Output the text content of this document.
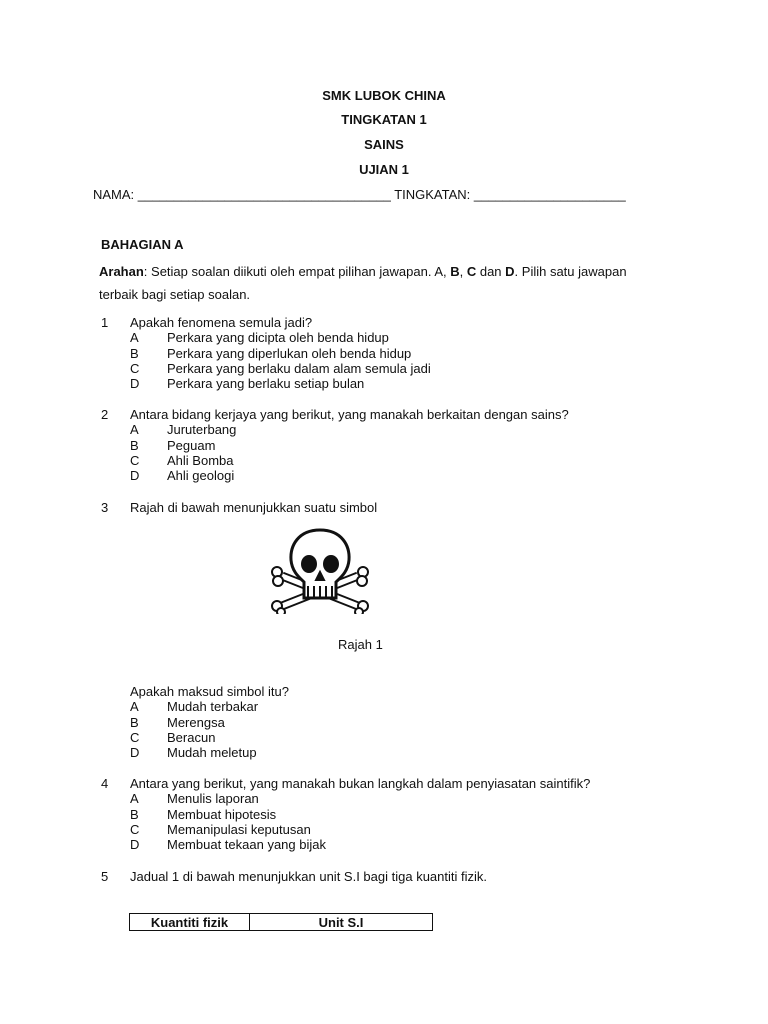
SMK LUBOK CHINA
TINGKATAN 1
SAINS
UJIAN 1
NAMA: ___________________________________ TINGKATAN: _____________________
BAHAGIAN A
Arahan: Setiap soalan diikuti oleh empat pilihan jawapan. A, B, C dan D. Pilih satu jawapan terbaik bagi setiap soalan.
1 Apakah fenomena semula jadi?
A Perkara yang dicipta oleh benda hidup
B Perkara yang diperlukan oleh benda hidup
C Perkara yang berlaku dalam alam semula jadi
D Perkara yang berlaku setiap bulan
2 Antara bidang kerjaya yang berikut, yang manakah berkaitan dengan sains?
A Juruterbang
B Peguam
C Ahli Bomba
D Ahli geologi
3 Rajah di bawah menunjukkan suatu simbol
Rajah 1
Apakah maksud simbol itu?
A Mudah terbakar
B Merengsa
C Beracun
D Mudah meletup
4 Antara yang berikut, yang manakah bukan langkah dalam penyiasatan saintifik?
A Menulis laporan
B Membuat hipotesis
C Memanipulasi keputusan
D Membuat tekaan yang bijak
5 Jadual 1 di bawah menunjukkan unit S.I bagi tiga kuantiti fizik.
Kuantiti fizik	Unit S.I
